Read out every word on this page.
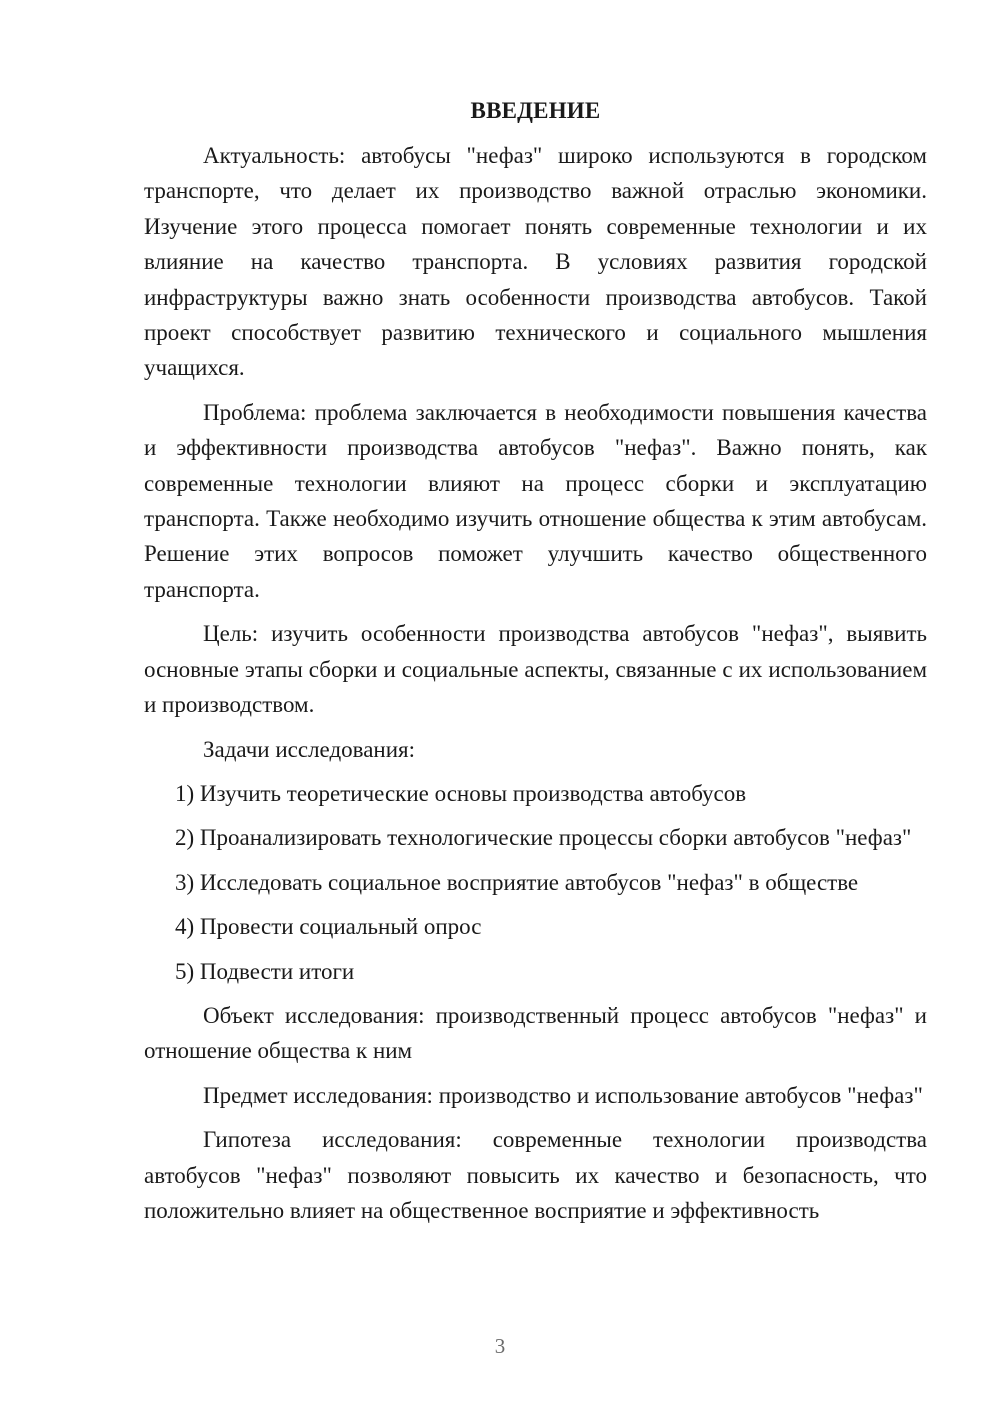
ВВЕДЕНИЕ

Актуальность: автобусы "нефаз" широко используются в городском транспорте, что делает их производство важной отраслью экономики. Изучение этого процесса помогает понять современные технологии и их влияние на качество транспорта. В условиях развития городской инфраструктуры важно знать особенности производства автобусов. Такой проект способствует развитию технического и социального мышления учащихся.

Проблема: проблема заключается в необходимости повышения качества и эффективности производства автобусов "нефаз". Важно понять, как современные технологии влияют на процесс сборки и эксплуатацию транспорта. Также необходимо изучить отношение общества к этим автобусам. Решение этих вопросов поможет улучшить качество общественного транспорта.

Цель: изучить особенности производства автобусов "нефаз", выявить основные этапы сборки и социальные аспекты, связанные с их использованием и производством.

Задачи исследования:

1) Изучить теоретические основы производства автобусов

2) Проанализировать технологические процессы сборки автобусов "нефаз"

3) Исследовать социальное восприятие автобусов "нефаз" в обществе

4) Провести социальный опрос

5) Подвести итоги

Объект исследования: производственный процесс автобусов "нефаз" и отношение общества к ним

Предмет исследования: производство и использование автобусов "нефаз"

Гипотеза исследования: современные технологии производства автобусов "нефаз" позволяют повысить их качество и безопасность, что положительно влияет на общественное восприятие и эффективность

3
